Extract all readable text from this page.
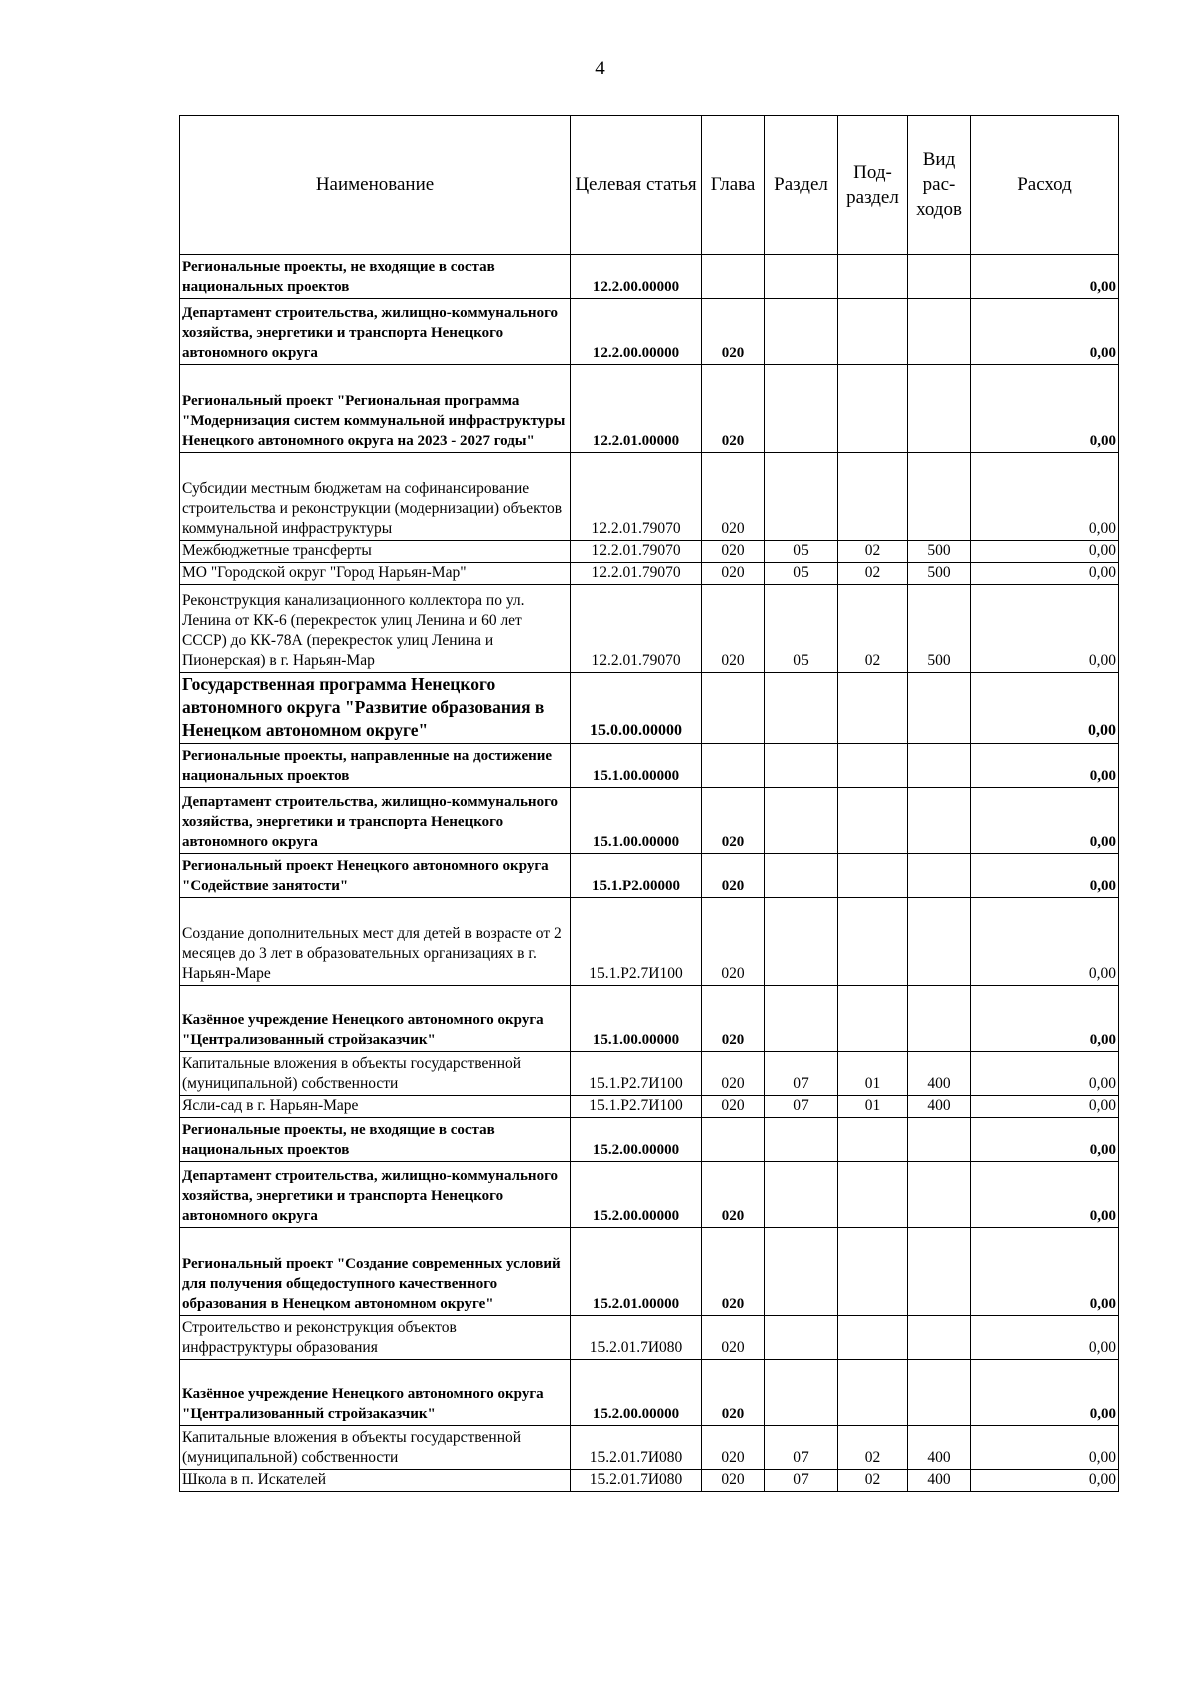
4
Наименование	Целевая статья	Глава	Раздел	Под- раздел	Вид рас- ходов	Расход
Региональные проекты, не входящие в состав национальных проектов	12.2.00.00000					0,00
Департамент строительства, жилищно-коммунального хозяйства, энергетики и транспорта Ненецкого автономного округа	12.2.00.00000	020				0,00
Региональный проект "Региональная программа "Модернизация систем коммунальной инфраструктуры Ненецкого автономного округа на 2023 - 2027 годы"	12.2.01.00000	020				0,00
Субсидии местным бюджетам на софинансирование строительства и реконструкции (модернизации) объектов коммунальной инфраструктуры	12.2.01.79070	020				0,00
Межбюджетные трансферты	12.2.01.79070	020	05	02	500	0,00
МО "Городской округ "Город Нарьян-Мар"	12.2.01.79070	020	05	02	500	0,00
Реконструкция канализационного коллектора по ул. Ленина от КК-6 (перекресток улиц Ленина и 60 лет СССР) до КК-78А (перекресток улиц Ленина и Пионерская) в г. Нарьян-Мар	12.2.01.79070	020	05	02	500	0,00
Государственная программа Ненецкого автономного округа "Развитие образования в Ненецком автономном округе"	15.0.00.00000					0,00
Региональные проекты, направленные на достижение национальных проектов	15.1.00.00000					0,00
Департамент строительства, жилищно-коммунального хозяйства, энергетики и транспорта Ненецкого автономного округа	15.1.00.00000	020				0,00
Региональный проект Ненецкого автономного округа "Содействие занятости"	15.1.Р2.00000	020				0,00
Создание дополнительных мест для детей в возрасте от 2 месяцев до 3 лет в образовательных организациях в г. Нарьян-Маре	15.1.Р2.7И100	020				0,00
Казённое учреждение Ненецкого автономного округа "Централизованный стройзаказчик"	15.1.00.00000	020				0,00
Капитальные вложения в объекты государственной (муниципальной) собственности	15.1.Р2.7И100	020	07	01	400	0,00
Ясли-сад в г. Нарьян-Маре	15.1.Р2.7И100	020	07	01	400	0,00
Региональные проекты, не входящие в состав национальных проектов	15.2.00.00000					0,00
Департамент строительства, жилищно-коммунального хозяйства, энергетики и транспорта Ненецкого автономного округа	15.2.00.00000	020				0,00
Региональный проект "Создание современных условий для получения общедоступного качественного образования в Ненецком автономном округе"	15.2.01.00000	020				0,00
Строительство и реконструкция объектов инфраструктуры образования	15.2.01.7И080	020				0,00
Казённое учреждение Ненецкого автономного округа "Централизованный стройзаказчик"	15.2.00.00000	020				0,00
Капитальные вложения в объекты государственной (муниципальной) собственности	15.2.01.7И080	020	07	02	400	0,00
Школа в п. Искателей	15.2.01.7И080	020	07	02	400	0,00
